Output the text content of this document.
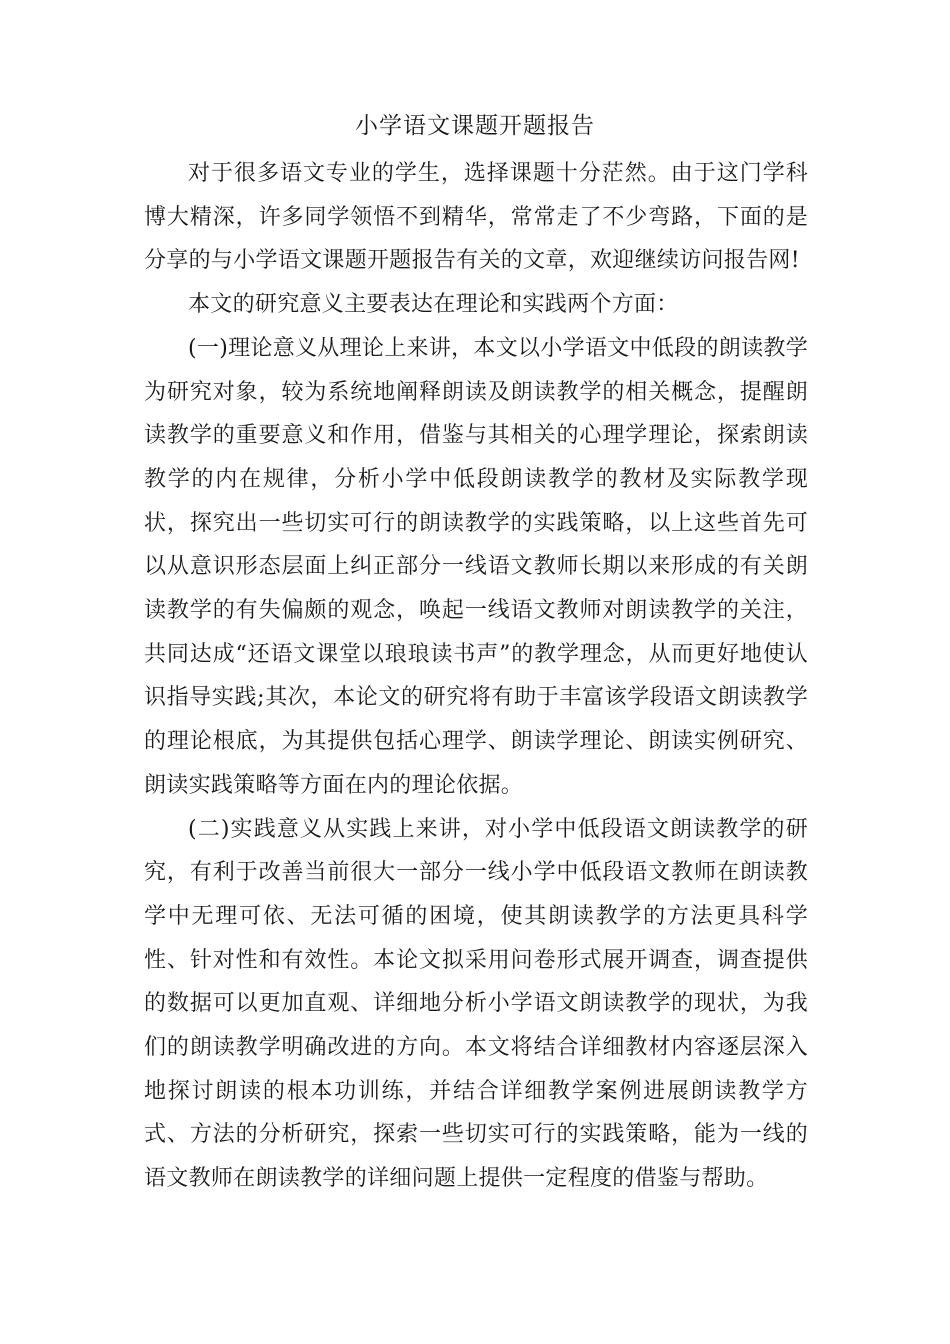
小学语文课题开题报告

对于很多语文专业的学生，选择课题十分茫然。由于这门学科博大精深，许多同学领悟不到精华，常常走了不少弯路，下面的是分享的与小学语文课题开题报告有关的文章，欢迎继续访问报告网!

本文的研究意义主要表达在理论和实践两个方面：

(一)理论意义从理论上来讲，本文以小学语文中低段的朗读教学为研究对象，较为系统地阐释朗读及朗读教学的相关概念，提醒朗读教学的重要意义和作用，借鉴与其相关的心理学理论，探索朗读教学的内在规律，分析小学中低段朗读教学的教材及实际教学现状，探究出一些切实可行的朗读教学的实践策略，以上这些首先可以从意识形态层面上纠正部分一线语文教师长期以来形成的有关朗读教学的有失偏颇的观念，唤起一线语文教师对朗读教学的关注，共同达成“还语文课堂以琅琅读书声”的教学理念，从而更好地使认识指导实践;其次，本论文的研究将有助于丰富该学段语文朗读教学的理论根底，为其提供包括心理学、朗读学理论、朗读实例研究、朗读实践策略等方面在内的理论依据。

(二)实践意义从实践上来讲，对小学中低段语文朗读教学的研究，有利于改善当前很大一部分一线小学中低段语文教师在朗读教学中无理可依、无法可循的困境，使其朗读教学的方法更具科学性、针对性和有效性。本论文拟采用问卷形式展开调查，调查提供的数据可以更加直观、详细地分析小学语文朗读教学的现状，为我们的朗读教学明确改进的方向。本文将结合详细教材内容逐层深入地探讨朗读的根本功训练，并结合详细教学案例进展朗读教学方式、方法的分析研究，探索一些切实可行的实践策略，能为一线的语文教师在朗读教学的详细问题上提供一定程度的借鉴与帮助。
